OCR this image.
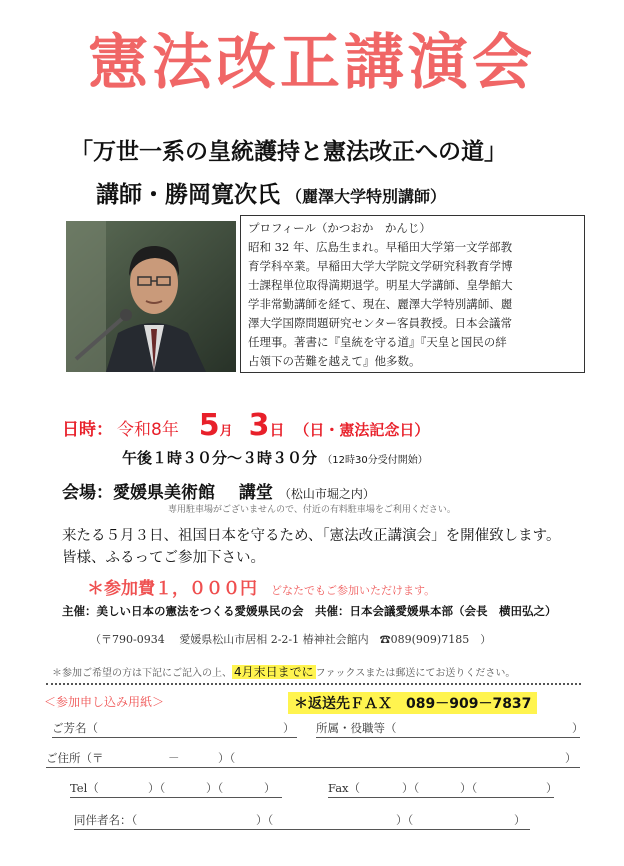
憲法改正講演会
「万世一系の皇統護持と憲法改正への道」
講師・勝岡寛次氏 （麗澤大学特別講師）
プロフィール（かつおか　かんじ）
昭和 32 年、広島生まれ。早稲田大学第一文学部教
育学科卒業。早稲田大学大学院文学研究科教育学博
士課程単位取得満期退学。明星大学講師、皇學館大
学非常勤講師を経て、現在、麗澤大学特別講師、麗
澤大学国際問題研究センター客員教授。日本会議常
任理事。著書に『皇統を守る道』『天皇と国民の絆
占領下の苦難を越えて』他多数。
日時： 令和8年 5月 3日 （日・憲法記念日）
午後１時３０分～３時３０分 （12時30分受付開始）
会場：愛媛県美術館 講堂 （松山市堀之内）
専用駐車場がございませんので、付近の有料駐車場をご利用ください。
来たる５月３日、祖国日本を守るため、「憲法改正講演会」を開催致します。
皆様、ふるってご参加下さい。
＊参加費１，０００円 どなたでもご参加いただけます。
主催：美しい日本の憲法をつくる愛媛県民の会　共催：日本会議愛媛県本部（会長　横田弘之）
（〒790-0934　 愛媛県松山市居相 2-2-1 椿神社会館内　☎089(909)7185　）
＊参加ご希望の方は下記にご記入の上、 4月末日までに ファックスまたは郵送にてお送りください。
＜参加申し込み用紙＞	＊返送先ＦＡＸ　089－909－7837
ご芳名（	） 所属・役職等（	）
ご住所（〒	－	）（	）
Tel（	）（	）（	）	Fax（	）（	）（	）
同伴者名：（	）（	）（	）
